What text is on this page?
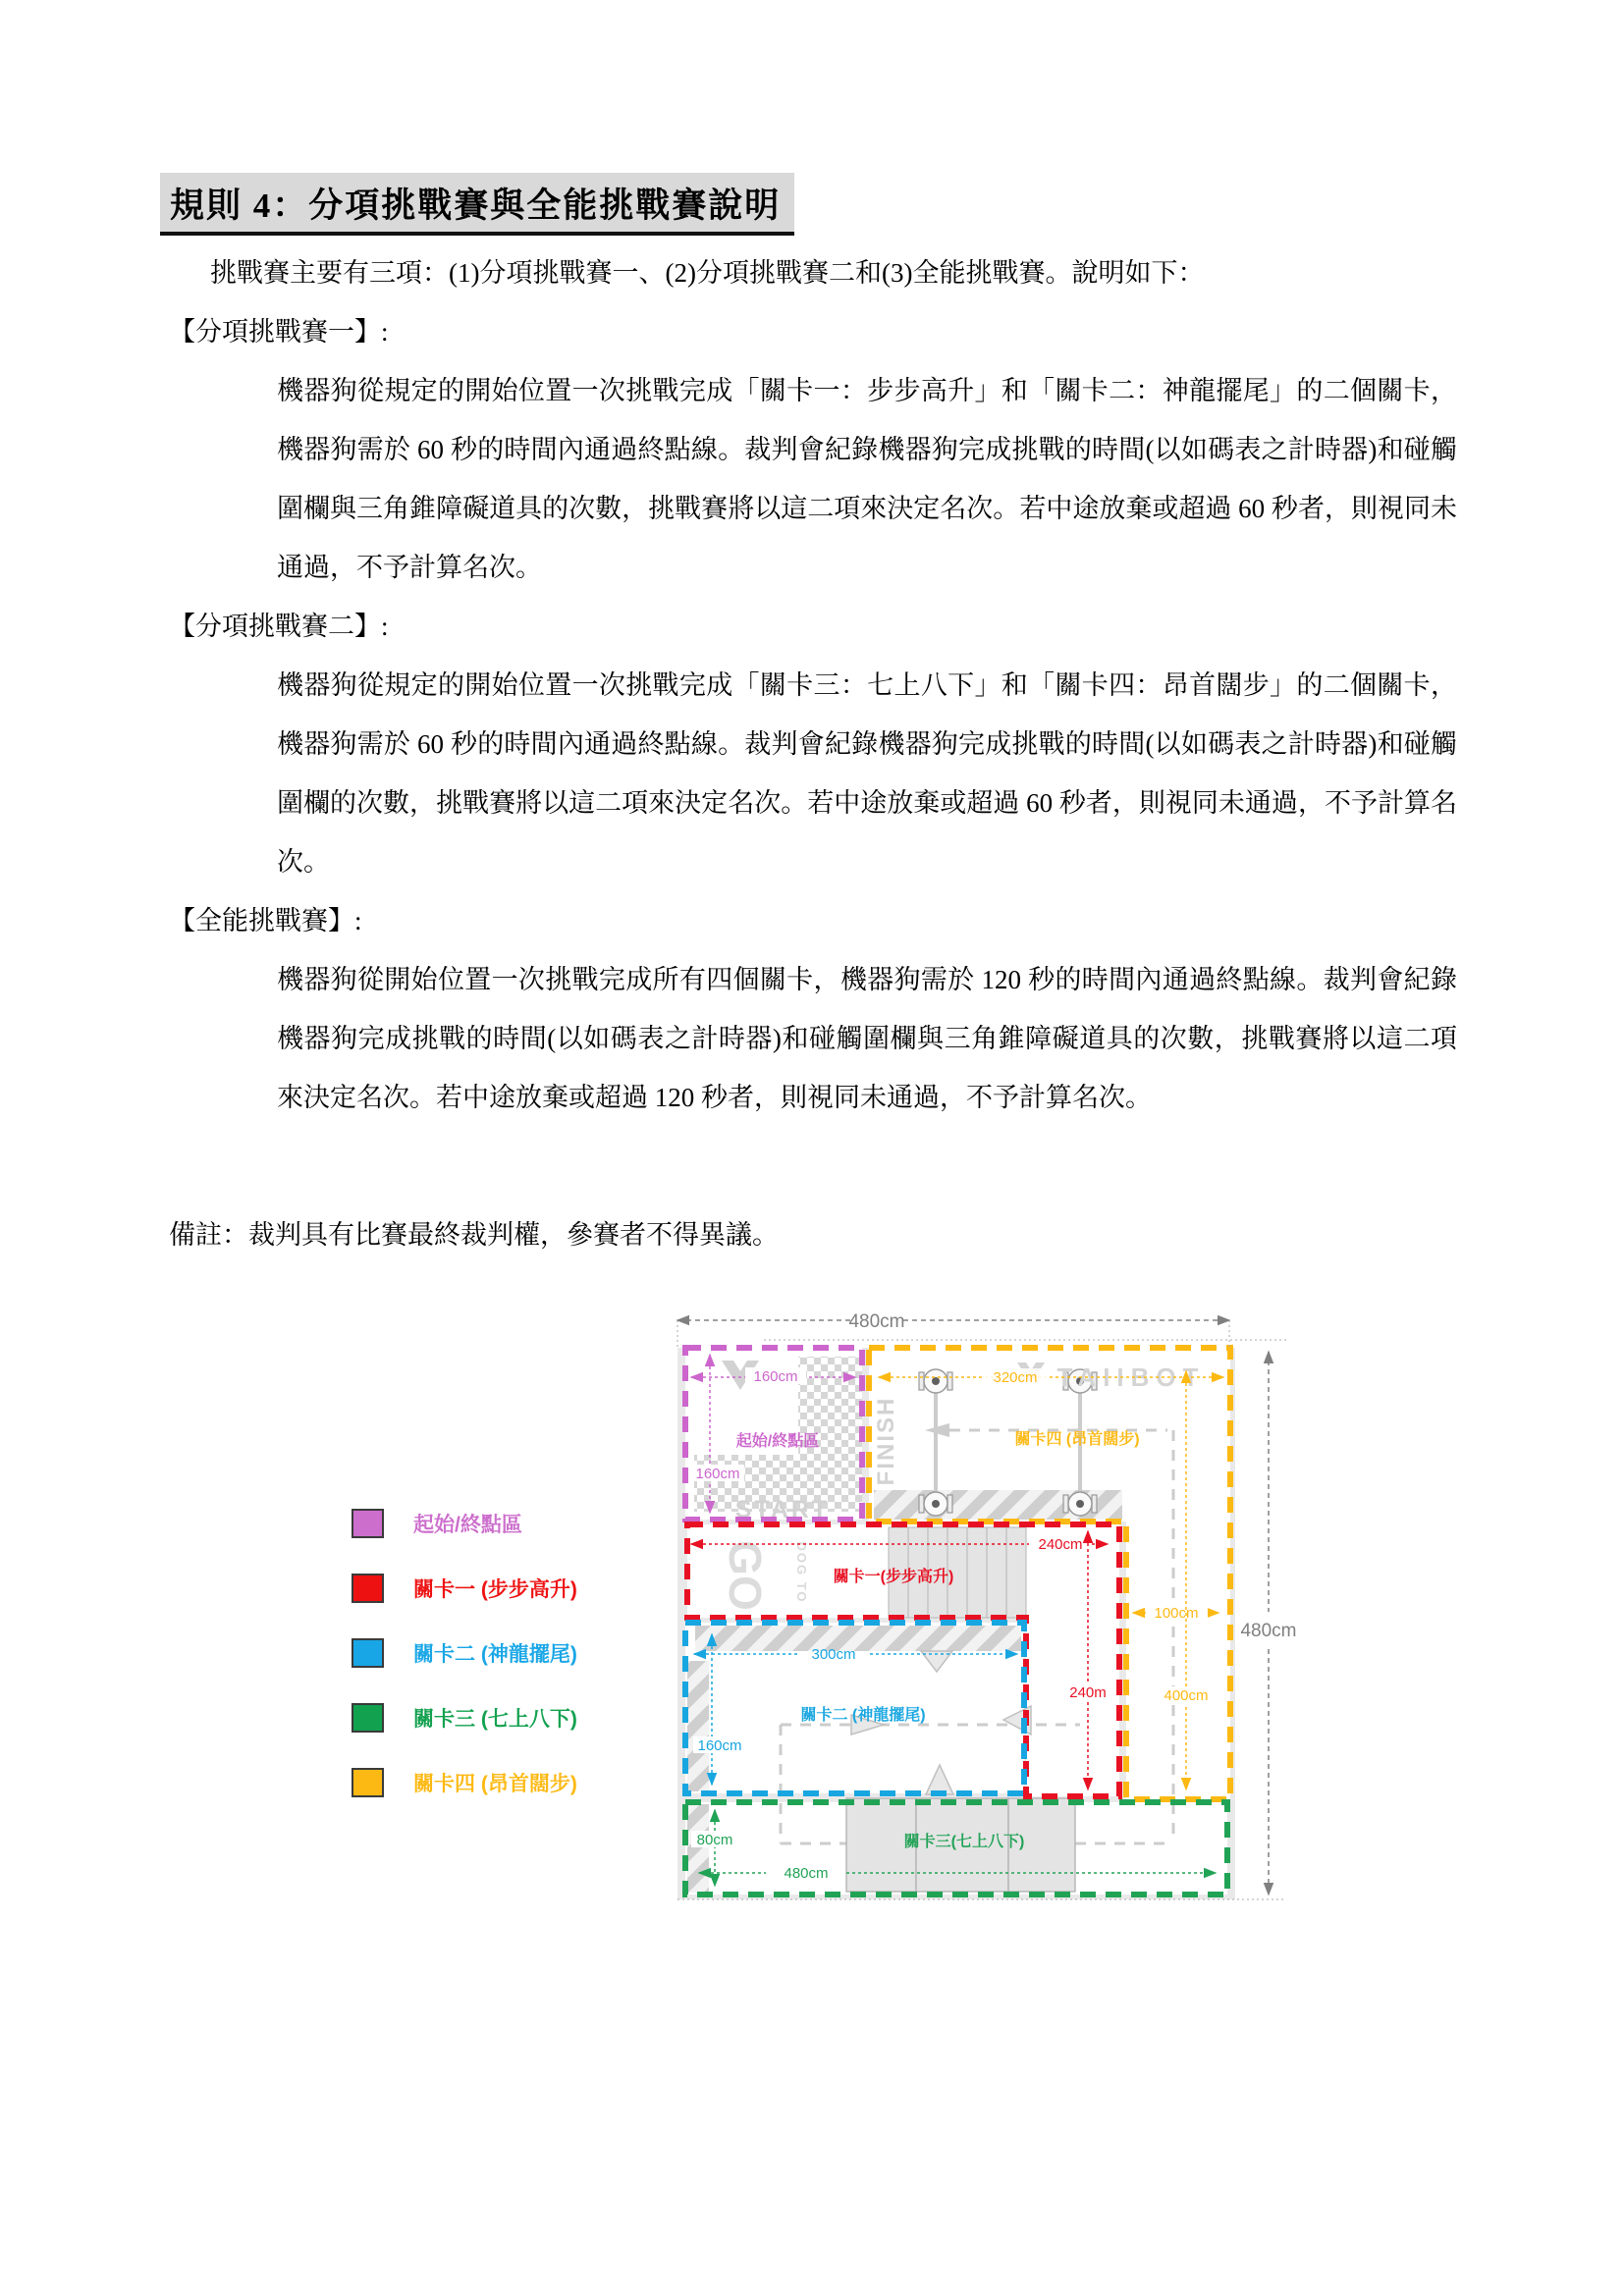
規則 4：分項挑戰賽與全能挑戰賽說明

挑戰賽主要有三項：(1)分項挑戰賽一、(2)分項挑戰賽二和(3)全能挑戰賽。說明如下：

【分項挑戰賽一】:

機器狗從規定的開始位置一次挑戰完成「關卡一：步步高升」和「關卡二：神龍擺尾」的二個關卡，機器狗需於 60 秒的時間內通過終點線。裁判會紀錄機器狗完成挑戰的時間(以如碼表之計時器)和碰觸圍欄與三角錐障礙道具的次數，挑戰賽將以這二項來決定名次。若中途放棄或超過 60 秒者，則視同未通過，不予計算名次。

【分項挑戰賽二】:

機器狗從規定的開始位置一次挑戰完成「關卡三：七上八下」和「關卡四：昂首闊步」的二個關卡，機器狗需於 60 秒的時間內通過終點線。裁判會紀錄機器狗完成挑戰的時間(以如碼表之計時器)和碰觸圍欄的次數，挑戰賽將以這二項來決定名次。若中途放棄或超過 60 秒者，則視同未通過，不予計算名次。

【全能挑戰賽】:

機器狗從開始位置一次挑戰完成所有四個關卡，機器狗需於 120 秒的時間內通過終點線。裁判會紀錄機器狗完成挑戰的時間(以如碼表之計時器)和碰觸圍欄與三角錐障礙道具的次數，挑戰賽將以這二項來決定名次。若中途放棄或超過 120 秒者，則視同未通過，不予計算名次。

備註：裁判具有比賽最終裁判權，參賽者不得異議。
起始/終點區
關卡一 (步步高升)
關卡二 (神龍擺尾)
關卡三 (七上八下)
關卡四 (昂首闊步)
START
FINISH
GO DOG TO
TAIIBOT
480cm
480cm
160cm
160cm
320cm
100cm
400cm
240cm
240m
300cm
160cm
80cm
480cm
起始/終點區	關卡四 (昂首闊步)
關卡一(步步高升)
關卡二 (神龍擺尾)
關卡三(七上八下)
